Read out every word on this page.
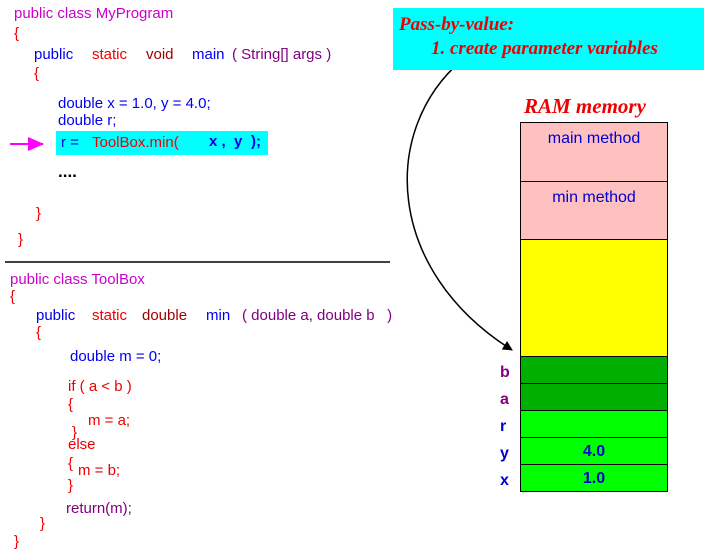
public class MyProgram
{
public static void main ( String[] args )
{
double x = 1.0, y = 4.0;
double r;
r = ToolBox.min( x ,  y );
....
}
}
public class ToolBox
{
public static double min ( double a, double b   )
{
double m = 0;
if ( a < b )
{
m = a;
}
else
{ m = b;
}
return(m);
}
}
Pass-by-value:
1. create parameter variables
RAM memory
main method
min method
4.0
1.0
b
a
r
y
x
